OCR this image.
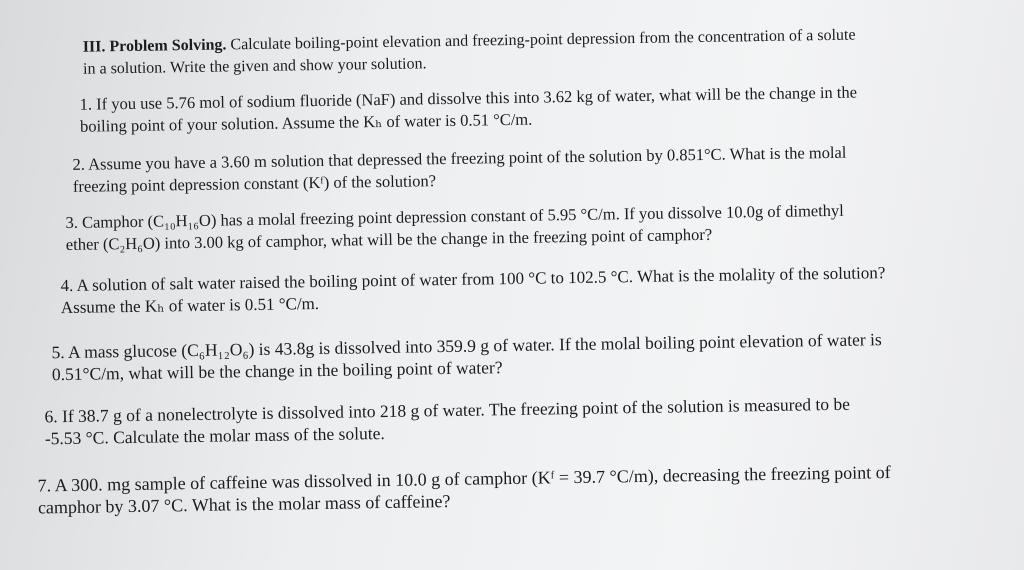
III. Problem Solving. Calculate boiling-point elevation and freezing-point depression from the concentration of a solute
in a solution. Write the given and show your solution.

1. If you use 5.76 mol of sodium fluoride (NaF) and dissolve this into 3.62 kg of water, what will be the change in the
boiling point of your solution. Assume the Kₕ of water is 0.51 °C/m.

2. Assume you have a 3.60 m solution that depressed the freezing point of the solution by 0.851°C. What is the molal
freezing point depression constant (Kᶠ) of the solution?

3. Camphor (C₁₀H₁₆O) has a molal freezing point depression constant of 5.95 °C/m. If you dissolve 10.0g of dimethyl
ether (C₂H₆O) into 3.00 kg of camphor, what will be the change in the freezing point of camphor?

4. A solution of salt water raised the boiling point of water from 100 °C to 102.5 °C. What is the molality of the solution?
Assume the Kₕ of water is 0.51 °C/m.

5. A mass glucose (C₆H₁₂O₆) is 43.8g is dissolved into 359.9 g of water. If the molal boiling point elevation of water is
0.51°C/m, what will be the change in the boiling point of water?

6. If 38.7 g of a nonelectrolyte is dissolved into 218 g of water. The freezing point of the solution is measured to be
-5.53 °C. Calculate the molar mass of the solute.

7. A 300. mg sample of caffeine was dissolved in 10.0 g of camphor (Kᶠ = 39.7 °C/m), decreasing the freezing point of
camphor by 3.07 °C. What is the molar mass of caffeine?
